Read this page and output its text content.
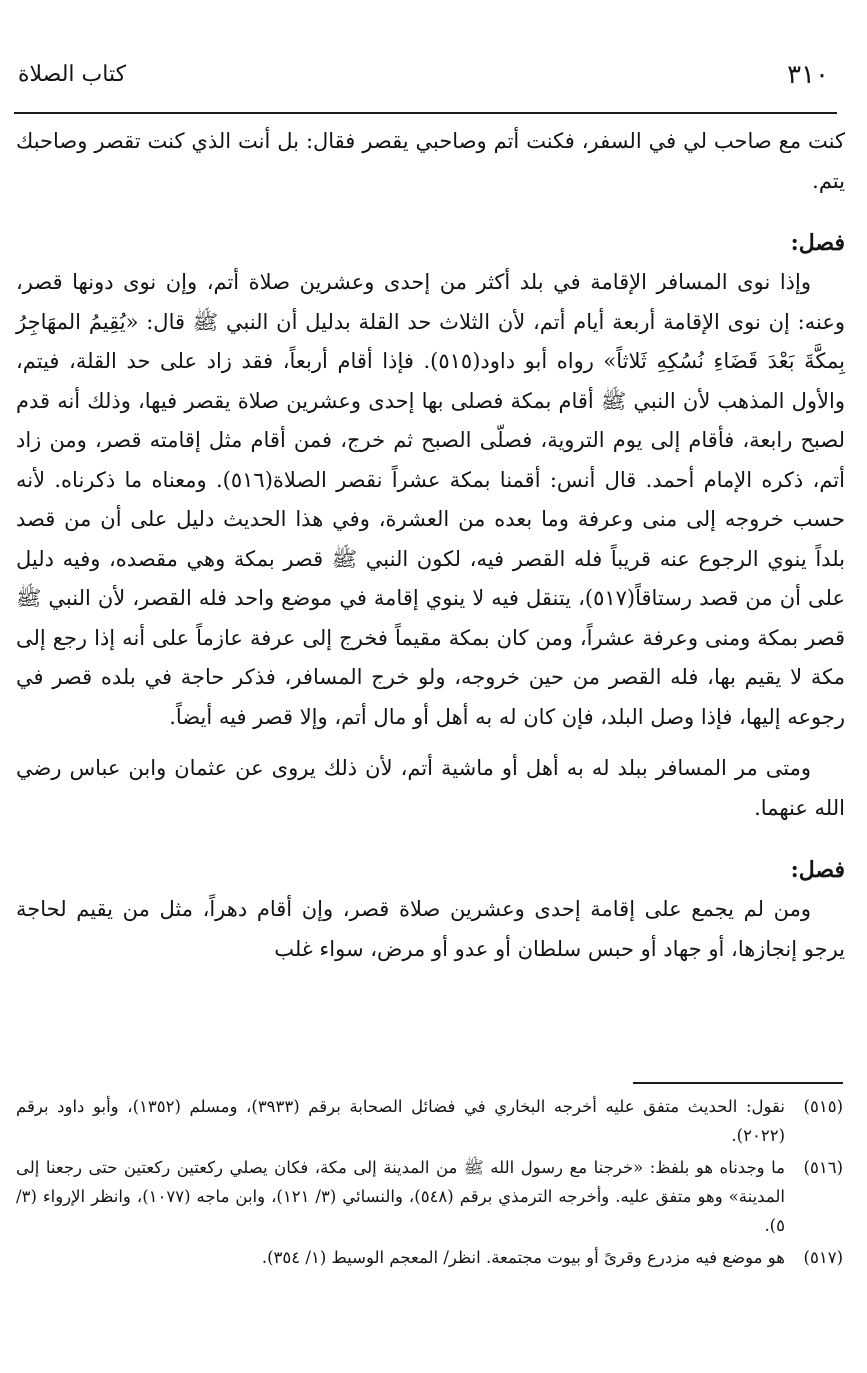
٣١٠
كتاب الصلاة

كنت مع صاحب لي في السفر، فكنت أتم وصاحبي يقصر فقال: بل أنت الذي كنت تقصر وصاحبك يتم.

فصل:

وإذا نوى المسافر الإقامة في بلد أكثر من إحدى وعشرين صلاة أتم، وإن نوى دونها قصر، وعنه: إن نوى الإقامة أربعة أيام أتم، لأن الثلاث حد القلة بدليل أن النبي ﷺ قال: «يُقِيمُ المهَاجِرُ بِمكَّةَ بَعْدَ قَضَاءِ نُسُكِهِ ثَلاثاً» رواه أبو داود(٥١٥). فإذا أقام أربعاً، فقد زاد على حد القلة، فيتم، والأول المذهب لأن النبي ﷺ أقام بمكة فصلى بها إحدى وعشرين صلاة يقصر فيها، وذلك أنه قدم لصبح رابعة، فأقام إلى يوم التروية، فصلّى الصبح ثم خرج، فمن أقام مثل إقامته قصر، ومن زاد أتم، ذكره الإمام أحمد. قال أنس: أقمنا بمكة عشراً نقصر الصلاة(٥١٦). ومعناه ما ذكرناه. لأنه حسب خروجه إلى منى وعرفة وما بعده من العشرة، وفي هذا الحديث دليل على أن من قصد بلداً ينوي الرجوع عنه قريباً فله القصر فيه، لكون النبي ﷺ قصر بمكة وهي مقصده، وفيه دليل على أن من قصد رستاقاً(٥١٧)، يتنقل فيه لا ينوي إقامة في موضع واحد فله القصر، لأن النبي ﷺ قصر بمكة ومنى وعرفة عشراً، ومن كان بمكة مقيماً فخرج إلى عرفة عازماً على أنه إذا رجع إلى مكة لا يقيم بها، فله القصر من حين خروجه، ولو خرج المسافر، فذكر حاجة في بلده قصر في رجوعه إليها، فإذا وصل البلد، فإن كان له به أهل أو مال أتم، وإلا قصر فيه أيضاً.

ومتى مر المسافر ببلد له به أهل أو ماشية أتم، لأن ذلك يروى عن عثمان وابن عباس رضي الله عنهما.

فصل:

ومن لم يجمع على إقامة إحدى وعشرين صلاة قصر، وإن أقام دهراً، مثل من يقيم لحاجة يرجو إنجازها، أو جهاد أو حبس سلطان أو عدو أو مرض، سواء غلب

(٥١٥)
نقول: الحديث متفق عليه أخرجه البخاري في فضائل الصحابة برقم (٣٩٣٣)، ومسلم (١٣٥٢)، وأبو داود برقم (٢٠٢٢).
(٥١٦)
ما وجدناه هو بلفظ: «خرجنا مع رسول الله ﷺ من المدينة إلى مكة، فكان يصلي ركعتين ركعتين حتى رجعنا إلى المدينة» وهو متفق عليه. وأخرجه الترمذي برقم (٥٤٨)، والنسائي (٣/ ١٢١)، وابن ماجه (١٠٧٧)، وانظر الإرواء (٣/ ٥).
(٥١٧)
هو موضع فيه مزدرع وقرىً أو بيوت مجتمعة. انظر/ المعجم الوسيط (١/ ٣٥٤).
